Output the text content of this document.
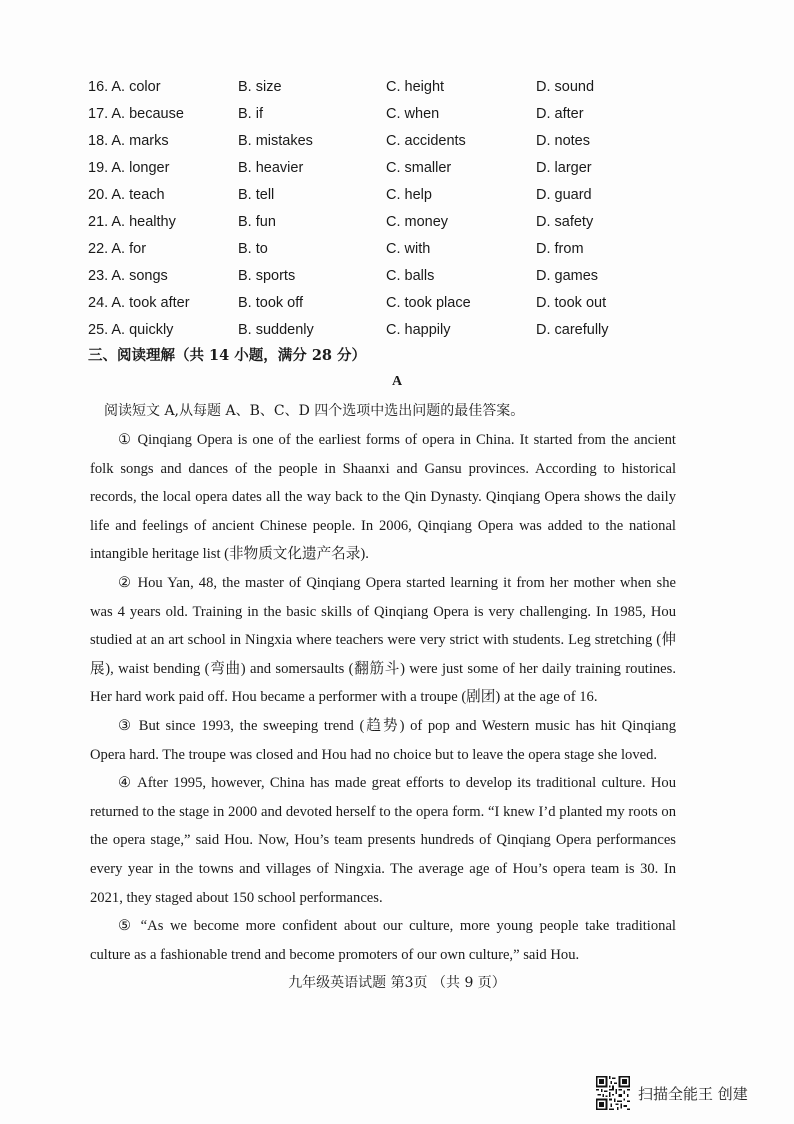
16. A. color	B. size	C. height	D. sound
17. A. because	B. if	C. when	D. after
18. A. marks	B. mistakes	C. accidents	D. notes
19. A. longer	B. heavier	C. smaller	D. larger
20. A. teach	B. tell	C. help	D. guard
21. A. healthy	B. fun	C. money	D. safety
22. A. for	B. to	C. with	D. from
23. A. songs	B. sports	C. balls	D. games
24. A. took after	B. took off	C. took place	D. took out
25. A. quickly	B. suddenly	C. happily	D. carefully
三、阅读理解（共 14 小题，满分 28 分）
A
阅读短文 A,从每题 A、B、C、D 四个选项中选出问题的最佳答案。

① Qinqiang Opera is one of the earliest forms of opera in China. It started from the ancient folk songs and dances of the people in Shaanxi and Gansu provinces. According to historical records, the local opera dates all the way back to the Qin Dynasty. Qinqiang Opera shows the daily life and feelings of ancient Chinese people. In 2006, Qinqiang Opera was added to the national intangible heritage list (非物质文化遗产名录).

② Hou Yan, 48, the master of Qinqiang Opera started learning it from her mother when she was 4 years old. Training in the basic skills of Qinqiang Opera is very challenging. In 1985, Hou studied at an art school in Ningxia where teachers were very strict with students. Leg stretching (伸展), waist bending (弯曲) and somersaults (翻筋斗) were just some of her daily training routines. Her hard work paid off. Hou became a performer with a troupe (剧团) at the age of 16.

③ But since 1993, the sweeping trend (趋势) of pop and Western music has hit Qinqiang Opera hard. The troupe was closed and Hou had no choice but to leave the opera stage she loved.

④ After 1995, however, China has made great efforts to develop its traditional culture. Hou returned to the stage in 2000 and devoted herself to the opera form. “I knew I’d planted my roots on the opera stage,” said Hou. Now, Hou’s team presents hundreds of Qinqiang Opera performances every year in the towns and villages of Ningxia. The average age of Hou’s opera team is 30. In 2021, they staged about 150 school performances.

⑤ “As we become more confident about our culture, more young people take traditional culture as a fashionable trend and become promoters of our own culture,” said Hou.

九年级英语试题 第3页 （共 9 页）
扫描全能王 创建
